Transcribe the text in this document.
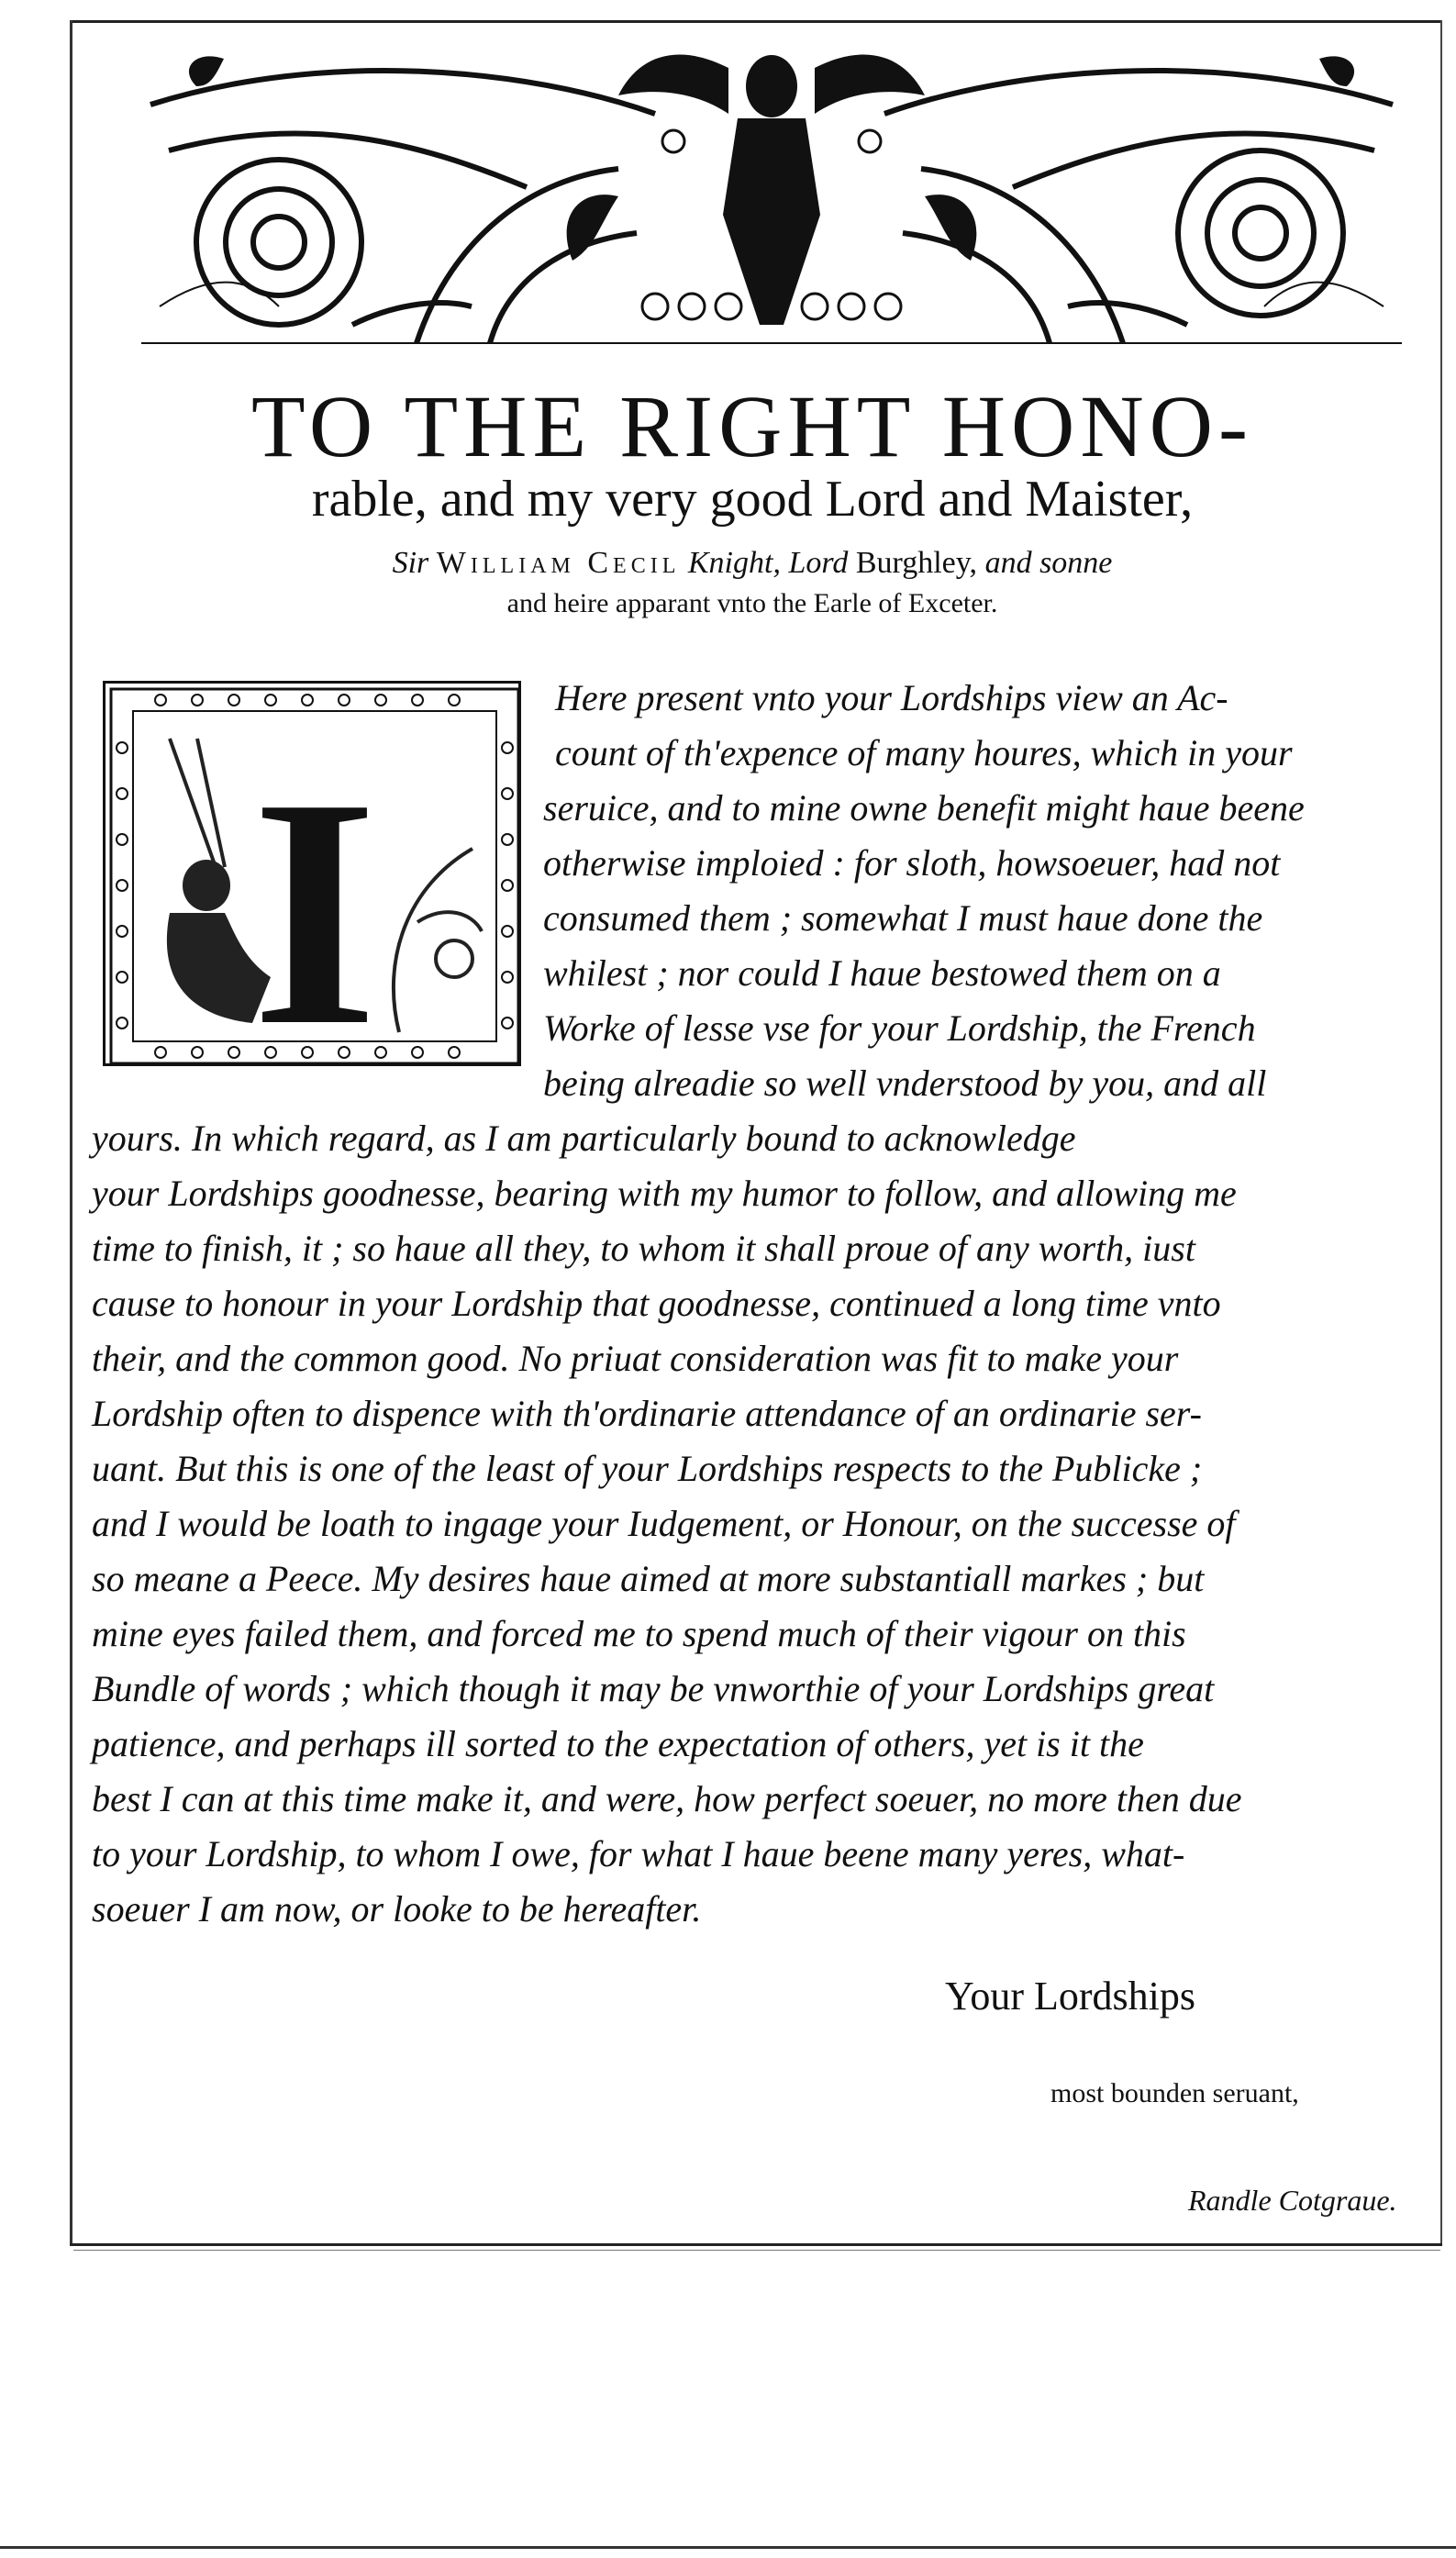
TO THE RIGHT HONO-
rable, and my very good Lord and Maister,
Sir William Cecil Knight, Lord Burghley, and sonne
and heire apparant vnto the Earle of Exceter.
I
Here present vnto your Lordships view an Ac-
count of th'expence of many houres, which in your
seruice, and to mine owne benefit might haue beene
otherwise imploied : for sloth, howsoeuer, had not
consumed them ; somewhat I must haue done the
whilest ; nor could I haue bestowed them on a
Worke of lesse vse for your Lordship, the French
being alreadie so well vnderstood by you, and all
yours. In which regard, as I am particularly bound to acknowledge
your Lordships goodnesse, bearing with my humor to follow, and allowing me
time to finish, it ; so haue all they, to whom it shall proue of any worth, iust
cause to honour in your Lordship that goodnesse, continued a long time vnto
their, and the common good. No priuat consideration was fit to make your
Lordship often to dispence with th'ordinarie attendance of an ordinarie ser-
uant. But this is one of the least of your Lordships respects to the Publicke ;
and I would be loath to ingage your Iudgement, or Honour, on the successe of
so meane a Peece. My desires haue aimed at more substantiall markes ; but
mine eyes failed them, and forced me to spend much of their vigour on this
Bundle of words ; which though it may be vnworthie of your Lordships great
patience, and perhaps ill sorted to the expectation of others, yet is it the
best I can at this time make it, and were, how perfect soeuer, no more then due
to your Lordship, to whom I owe, for what I haue beene many yeres, what-
soeuer I am now, or looke to be hereafter.
Your Lordships
most bounden seruant,
Randle Cotgraue.
